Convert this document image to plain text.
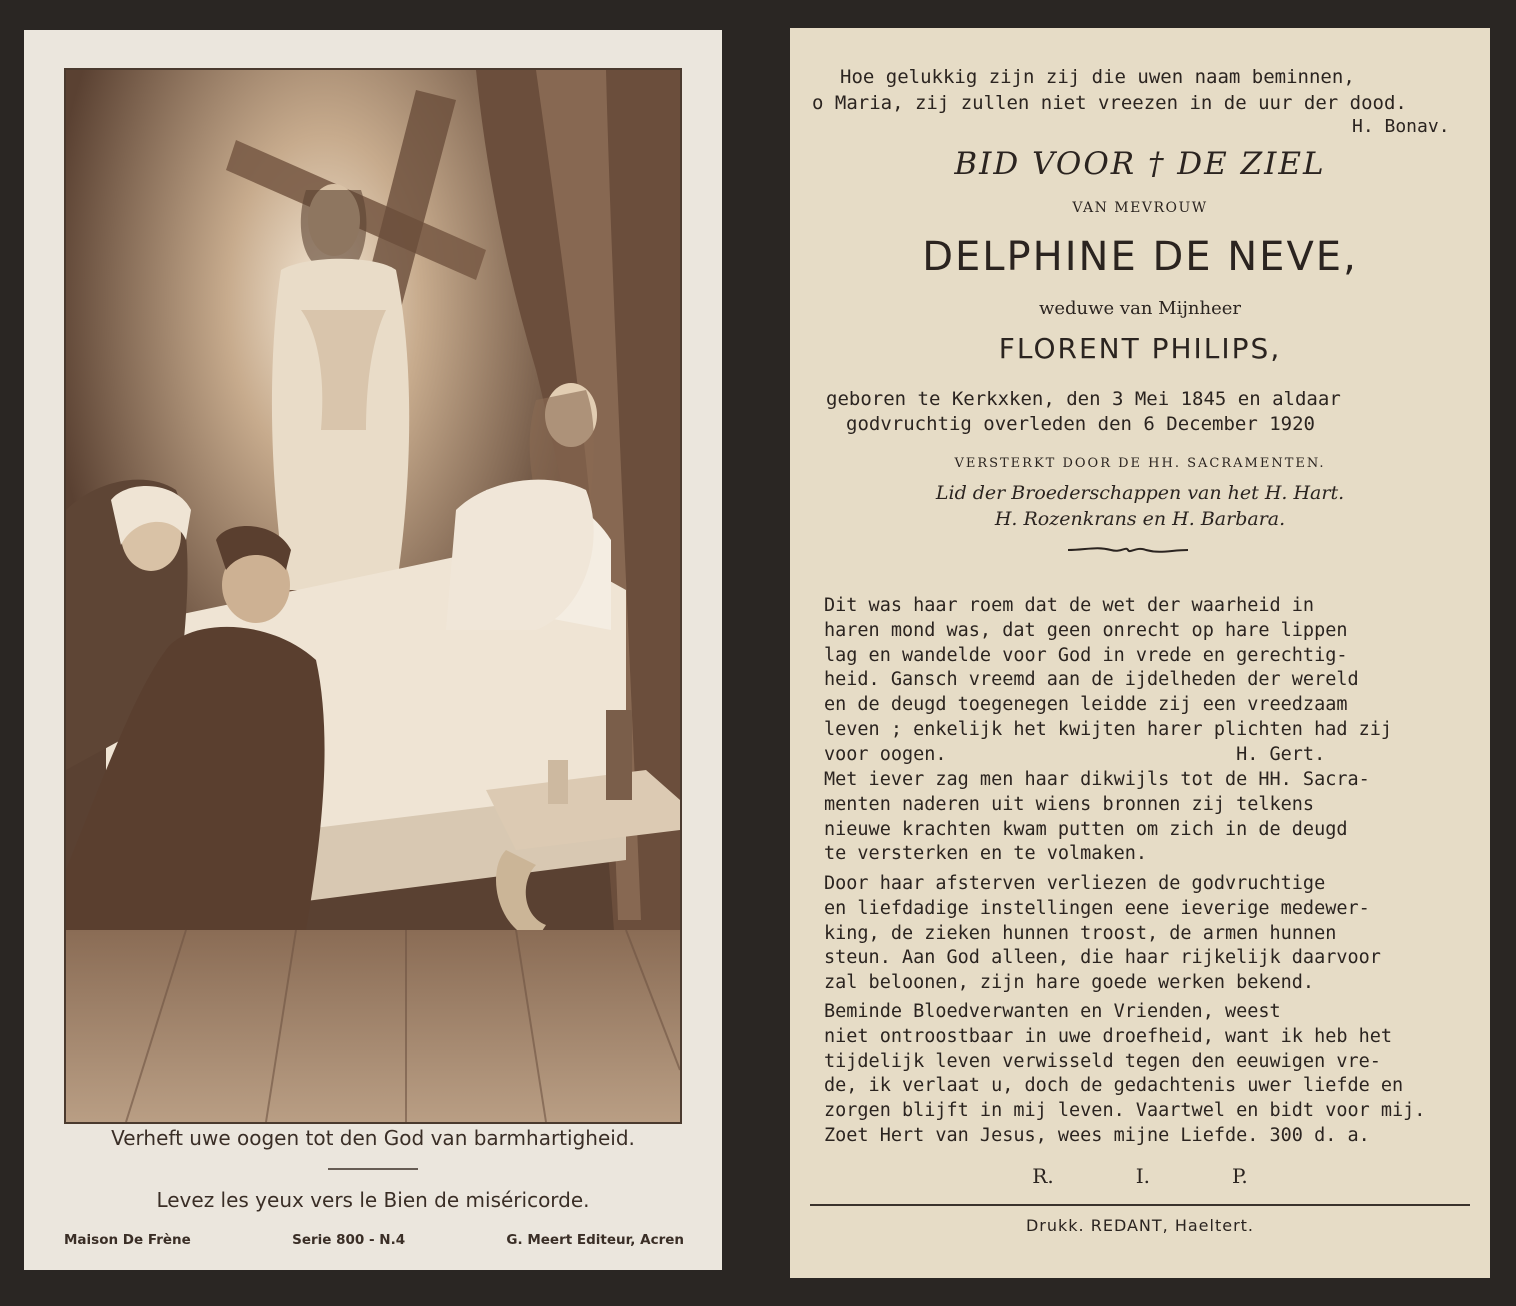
Verheft uwe oogen tot den God van barmhartigheid.
Levez les yeux vers le Bien de miséricorde.
Maison De Frène	Serie 800 - N.4	G. Meert Editeur, Acren
Hoe gelukkig zijn zij die uwen naam beminnen,
o Maria, zij zullen niet vreezen in de uur der dood.
H. Bonav.
BID VOOR † DE ZIEL
VAN MEVROUW
DELPHINE DE NEVE,
weduwe van Mijnheer
FLORENT PHILIPS,
geboren te Kerkxken, den 3 Mei 1845 en aldaar
godvruchtig overleden den 6 December 1920
VERSTERKT DOOR DE HH. SACRAMENTEN.
Lid der Broederschappen van het H. Hart.
H. Rozenkrans en H. Barbara.
Dit was haar roem dat de wet der waarheid in
haren mond was, dat geen onrecht op hare lippen
lag en wandelde voor God in vrede en gerechtig-
heid. Gansch vreemd aan de ijdelheden der wereld
en de deugd toegenegen leidde zij een vreedzaam
leven ; enkelijk het kwijten harer plichten had zij
voor oogen.                          H. Gert.
Met iever zag men haar dikwijls tot de HH. Sacra-
menten naderen uit wiens bronnen zij telkens
nieuwe krachten kwam putten om zich in de deugd
te versterken en te volmaken.
Door haar afsterven verliezen de godvruchtige
en liefdadige instellingen eene ieverige medewer-
king, de zieken hunnen troost, de armen hunnen
steun. Aan God alleen, die haar rijkelijk daarvoor
zal beloonen, zijn hare goede werken bekend.
Beminde Bloedverwanten en Vrienden, weest
niet ontroostbaar in uwe droefheid, want ik heb het
tijdelijk leven verwisseld tegen den eeuwigen vre-
de, ik verlaat u, doch de gedachtenis uwer liefde en
zorgen blijft in mij leven. Vaartwel en bidt voor mij.
Zoet Hert van Jesus, wees mijne Liefde. 300 d. a.
R.	I.	P.
Drukk. REDANT, Haeltert.
